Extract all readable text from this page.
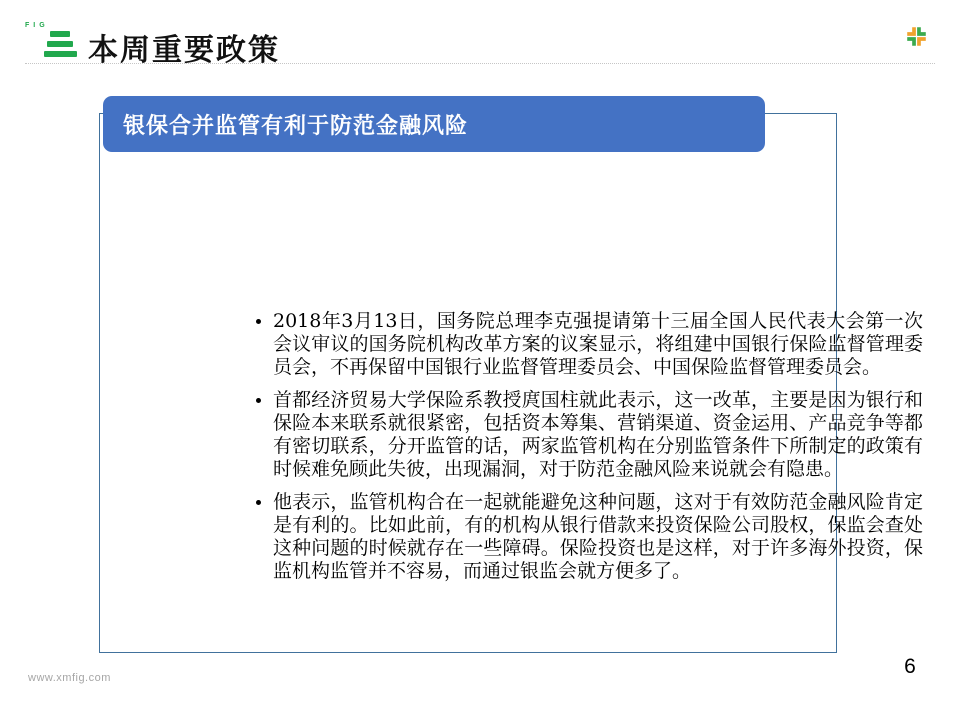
FIG
本周重要政策
2018年3月13日，国务院总理李克强提请第十三届全国人民代表大会第一次会议审议的国务院机构改革方案的议案显示，将组建中国银行保险监督管理委员会，不再保留中国银行业监督管理委员会、中国保险监督管理委员会。
首都经济贸易大学保险系教授庹国柱就此表示，这一改革，主要是因为银行和保险本来联系就很紧密，包括资本筹集、营销渠道、资金运用、产品竞争等都有密切联系，分开监管的话，两家监管机构在分别监管条件下所制定的政策有时候难免顾此失彼，出现漏洞，对于防范金融风险来说就会有隐患。
他表示，监管机构合在一起就能避免这种问题，这对于有效防范金融风险肯定是有利的。比如此前，有的机构从银行借款来投资保险公司股权，保监会查处这种问题的时候就存在一些障碍。保险投资也是这样，对于许多海外投资，保监机构监管并不容易，而通过银监会就方便多了。
银保合并监管有利于防范金融风险
www.xmfig.com	6
